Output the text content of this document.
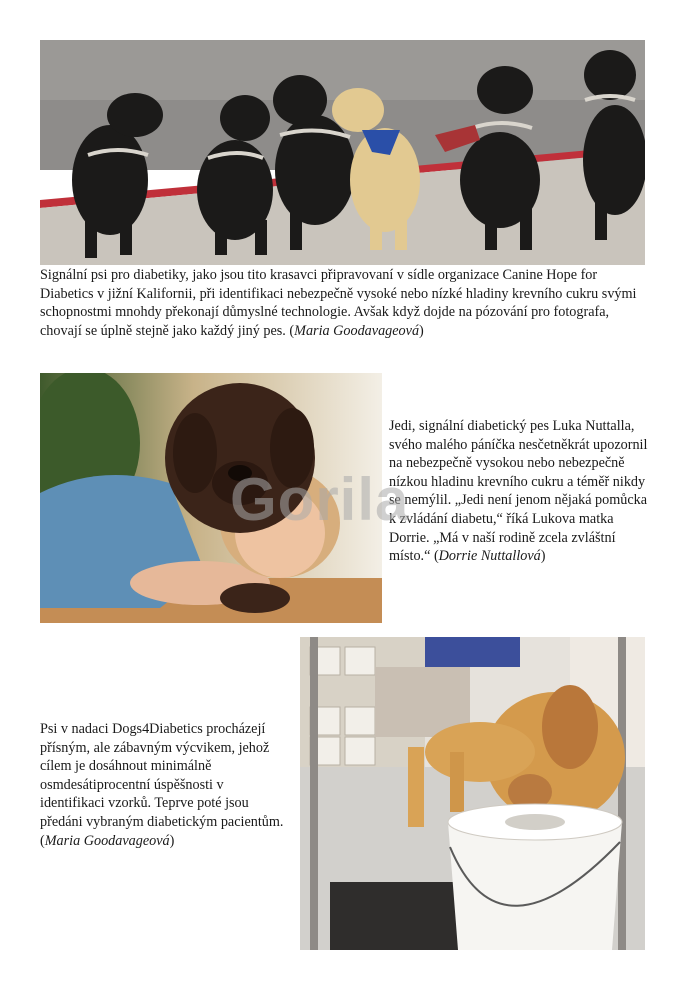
Signální psi pro diabetiky, jako jsou tito krasavci připravovaní v sídle organizace Canine Hope for Diabetics v jižní Kalifornii, při identifikaci nebezpečně vysoké nebo nízké hladiny krevního cukru svými schopnostmi mnohdy překonají důmyslné technologie. Avšak když dojde na pózování pro fotografa, chovají se úplně stejně jako každý jiný pes. (Maria Goodavageová)

Jedi, signální diabetický pes Luka Nuttalla, svého malého páníčka nesčetněkrát upozornil na nebezpečně vysokou nebo nebezpečně nízkou hladinu krevního cukru a téměř nikdy se nemýlil. „Jedi není jenom nějaká pomůcka k zvládání diabetu,“ říká Lukova matka Dorrie. „Má v naší rodině zcela zvláštní místo.“ (Dorrie Nuttallová)

Psi v nadaci Dogs4Diabetics procházejí přísným, ale zábavným výcvikem, jehož cílem je dosáhnout minimálně osmdesátiprocentní úspěšnosti v identifikaci vzorků. Teprve poté jsou předáni vybraným diabetickým pacientům. (Maria Goodavageová)

Gorila
